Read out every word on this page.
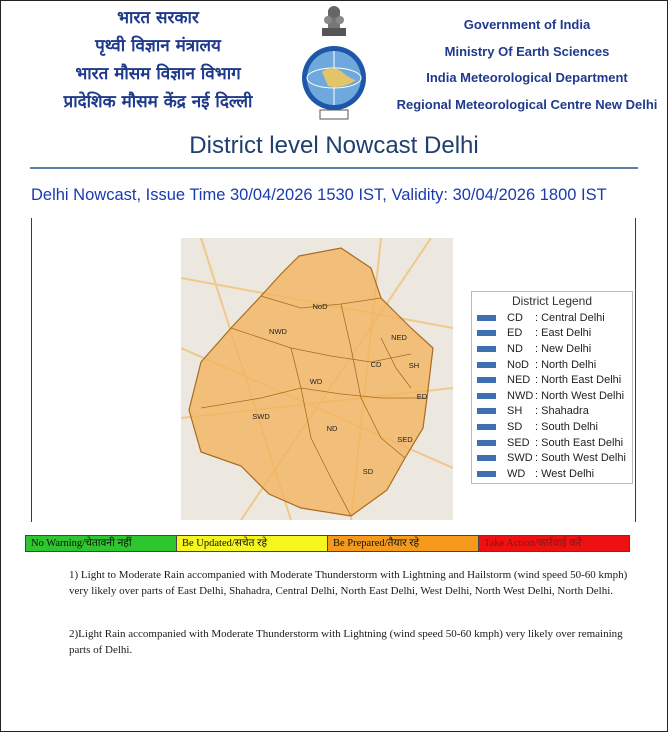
भारत सरकार
पृथ्वी विज्ञान मंत्रालय
भारत मौसम विज्ञान विभाग
प्रादेशिक मौसम केंद्र नई दिल्ली
Government of India
Ministry Of Earth Sciences
India Meteorological Department
Regional Meteorological Centre New Delhi
District level Nowcast Delhi
Delhi Nowcast, Issue Time 30/04/2026 1530 IST, Validity: 30/04/2026 1800 IST
NoD
NWD
NED
CD	SH
WD
ED
SWD
ND
SED
SD
District Legend
CD	: Central Delhi
ED	: East Delhi
ND	: New Delhi
NoD : North Delhi
NED : North East Delhi
NWD : North West Delhi
SH	: Shahadra
SD	: South Delhi
SED : South East Delhi
SWD : South West Delhi
WD : West Delhi
No Warning/चेतावनी नहीं	Be Updated/सचेत रहे	Be Prepared/तैयार रहे	Take Action/कार्रवाई करें
1) Light to Moderate Rain accompanied with Moderate Thunderstorm with Lightning and Hailstorm (wind speed 50-60 kmph) very likely over parts of East Delhi, Shahadra, Central Delhi, North East Delhi, West Delhi, North West Delhi, North Delhi.
2)Light Rain accompanied with Moderate Thunderstorm with Lightning (wind speed 50-60 kmph) very likely over remaining parts of Delhi.
